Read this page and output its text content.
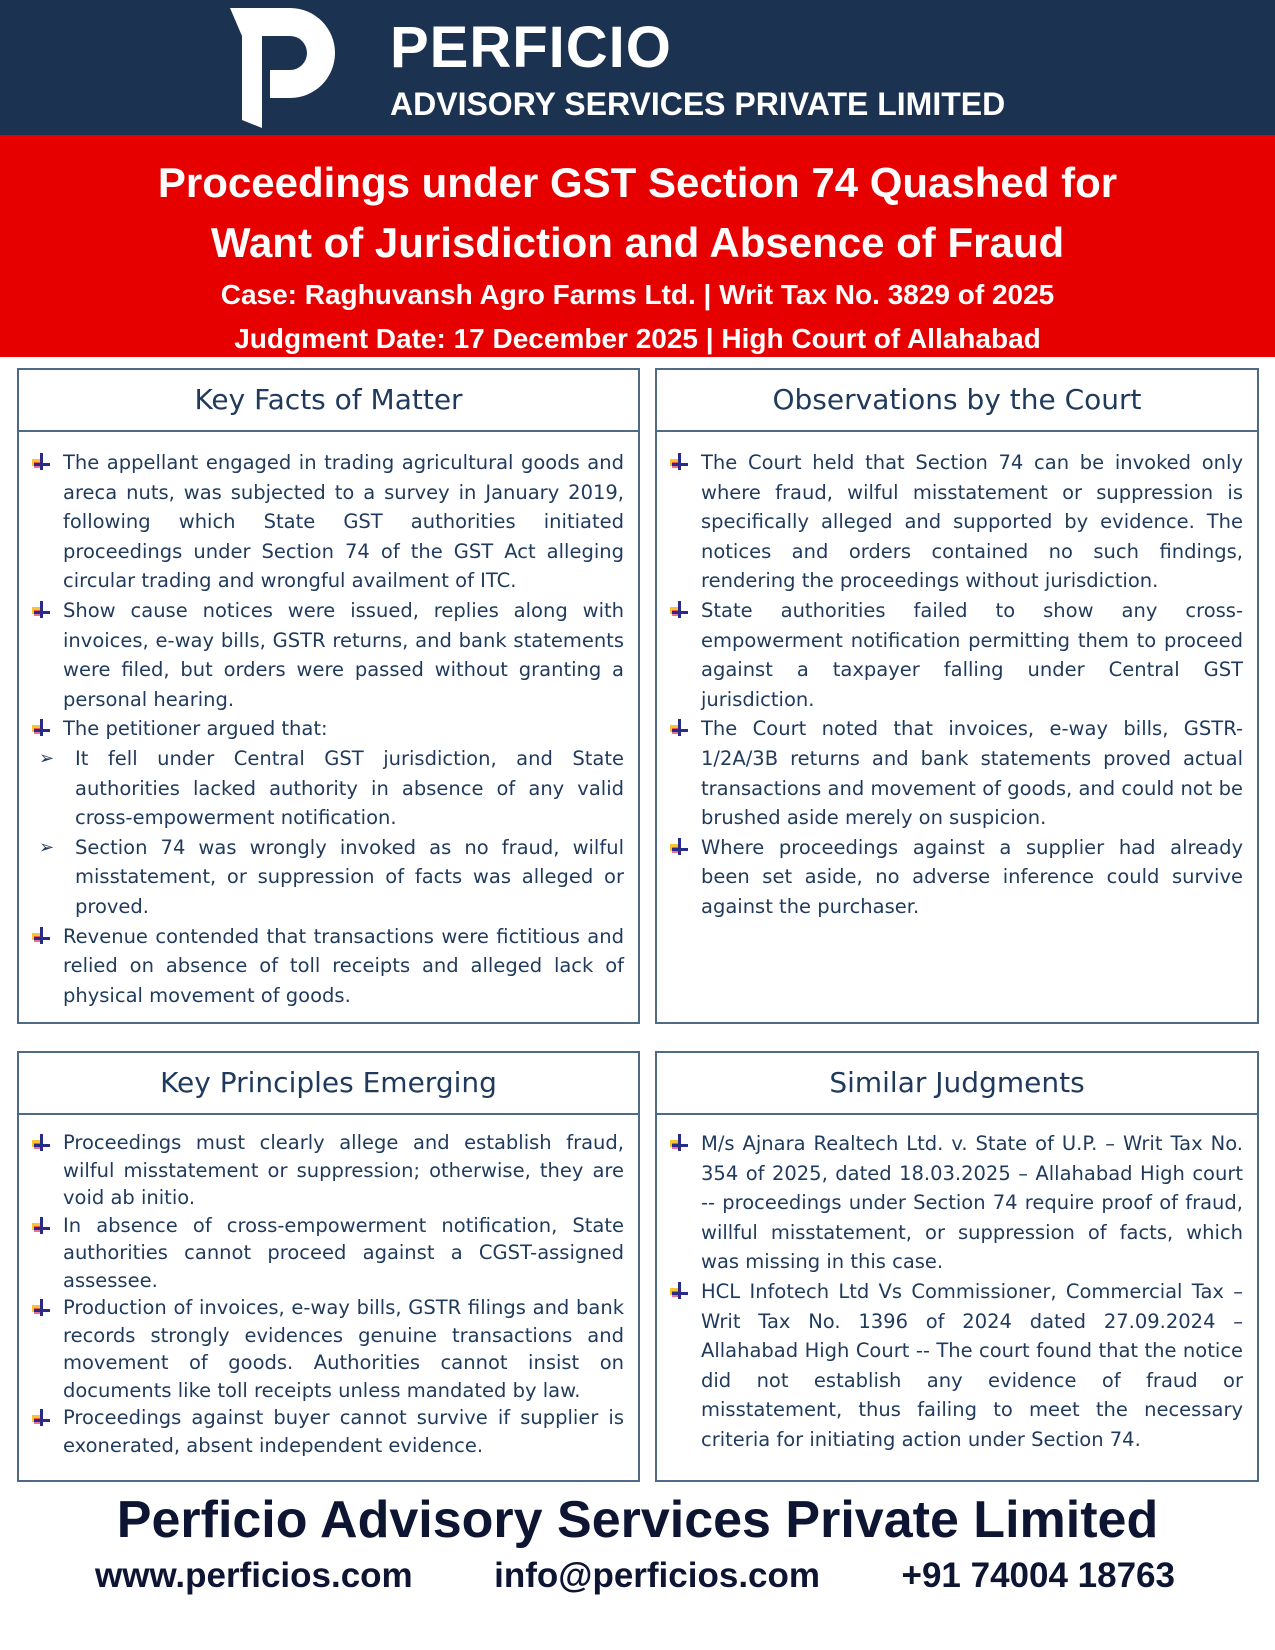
PERFICIO
ADVISORY SERVICES PRIVATE LIMITED
Proceedings under GST Section 74 Quashed for
Want of Jurisdiction and Absence of Fraud
Case: Raghuvansh Agro Farms Ltd. | Writ Tax No. 3829 of 2025
Judgment Date: 17 December 2025 | High Court of Allahabad
Key Facts of Matter
The appellant engaged in trading agricultural goods and areca nuts, was subjected to a survey in January 2019, following which State GST authorities initiated proceedings under Section 74 of the GST Act alleging circular trading and wrongful availment of ITC.
Show cause notices were issued, replies along with invoices, e-way bills, GSTR returns, and bank statements were filed, but orders were passed without granting a personal hearing.
The petitioner argued that:
➢ It fell under Central GST jurisdiction, and State authorities lacked authority in absence of any valid cross-empowerment notification.
➢ Section 74 was wrongly invoked as no fraud, wilful misstatement, or suppression of facts was alleged or proved.
Revenue contended that transactions were fictitious and relied on absence of toll receipts and alleged lack of physical movement of goods.
Observations by the Court
The Court held that Section 74 can be invoked only where fraud, wilful misstatement or suppression is specifically alleged and supported by evidence. The notices and orders contained no such findings, rendering the proceedings without jurisdiction.
State authorities failed to show any cross-empowerment notification permitting them to proceed against a taxpayer falling under Central GST jurisdiction.
The Court noted that invoices, e-way bills, GSTR-1/2A/3B returns and bank statements proved actual transactions and movement of goods, and could not be brushed aside merely on suspicion.
Where proceedings against a supplier had already been set aside, no adverse inference could survive against the purchaser.
Key Principles Emerging
Proceedings must clearly allege and establish fraud, wilful misstatement or suppression; otherwise, they are void ab initio.
In absence of cross-empowerment notification, State authorities cannot proceed against a CGST-assigned assessee.
Production of invoices, e-way bills, GSTR filings and bank records strongly evidences genuine transactions and movement of goods. Authorities cannot insist on documents like toll receipts unless mandated by law.
Proceedings against buyer cannot survive if supplier is exonerated, absent independent evidence.
Similar Judgments
M/s Ajnara Realtech Ltd. v. State of U.P. – Writ Tax No. 354 of 2025, dated 18.03.2025 – Allahabad High court -- proceedings under Section 74 require proof of fraud, willful misstatement, or suppression of facts, which was missing in this case.
HCL Infotech Ltd Vs Commissioner, Commercial Tax – Writ Tax No. 1396 of 2024 dated 27.09.2024 – Allahabad High Court -- The court found that the notice did not establish any evidence of fraud or misstatement, thus failing to meet the necessary criteria for initiating action under Section 74.
Perficio Advisory Services Private Limited
www.perficios.com info@perficios.com +91 74004 18763
